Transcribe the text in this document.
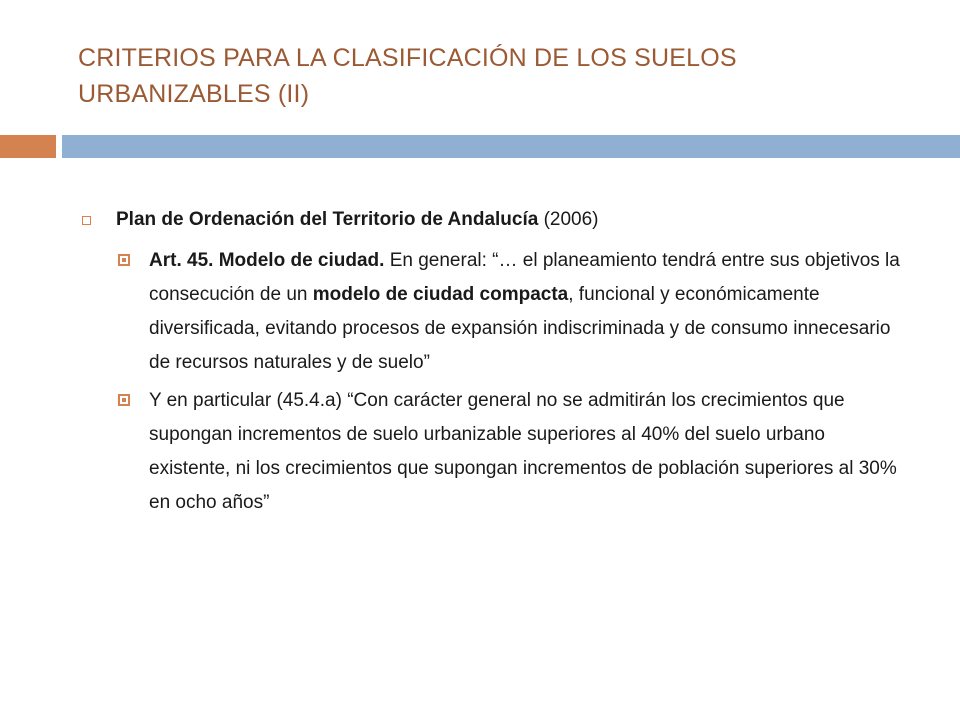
CRITERIOS PARA LA CLASIFICACIÓN DE LOS SUELOS
URBANIZABLES (II)
Plan de Ordenación del Territorio de Andalucía (2006)
Art. 45. Modelo de ciudad. En general: “… el planeamiento tendrá entre sus objetivos la consecución de un modelo de ciudad compacta, funcional y económicamente diversificada, evitando procesos de expansión indiscriminada y de consumo innecesario de recursos naturales y de suelo”
Y en particular (45.4.a) “Con carácter general no se admitirán los crecimientos que supongan incrementos de suelo urbanizable superiores al 40% del suelo urbano existente, ni los crecimientos que supongan incrementos de población superiores al 30% en ocho años”
